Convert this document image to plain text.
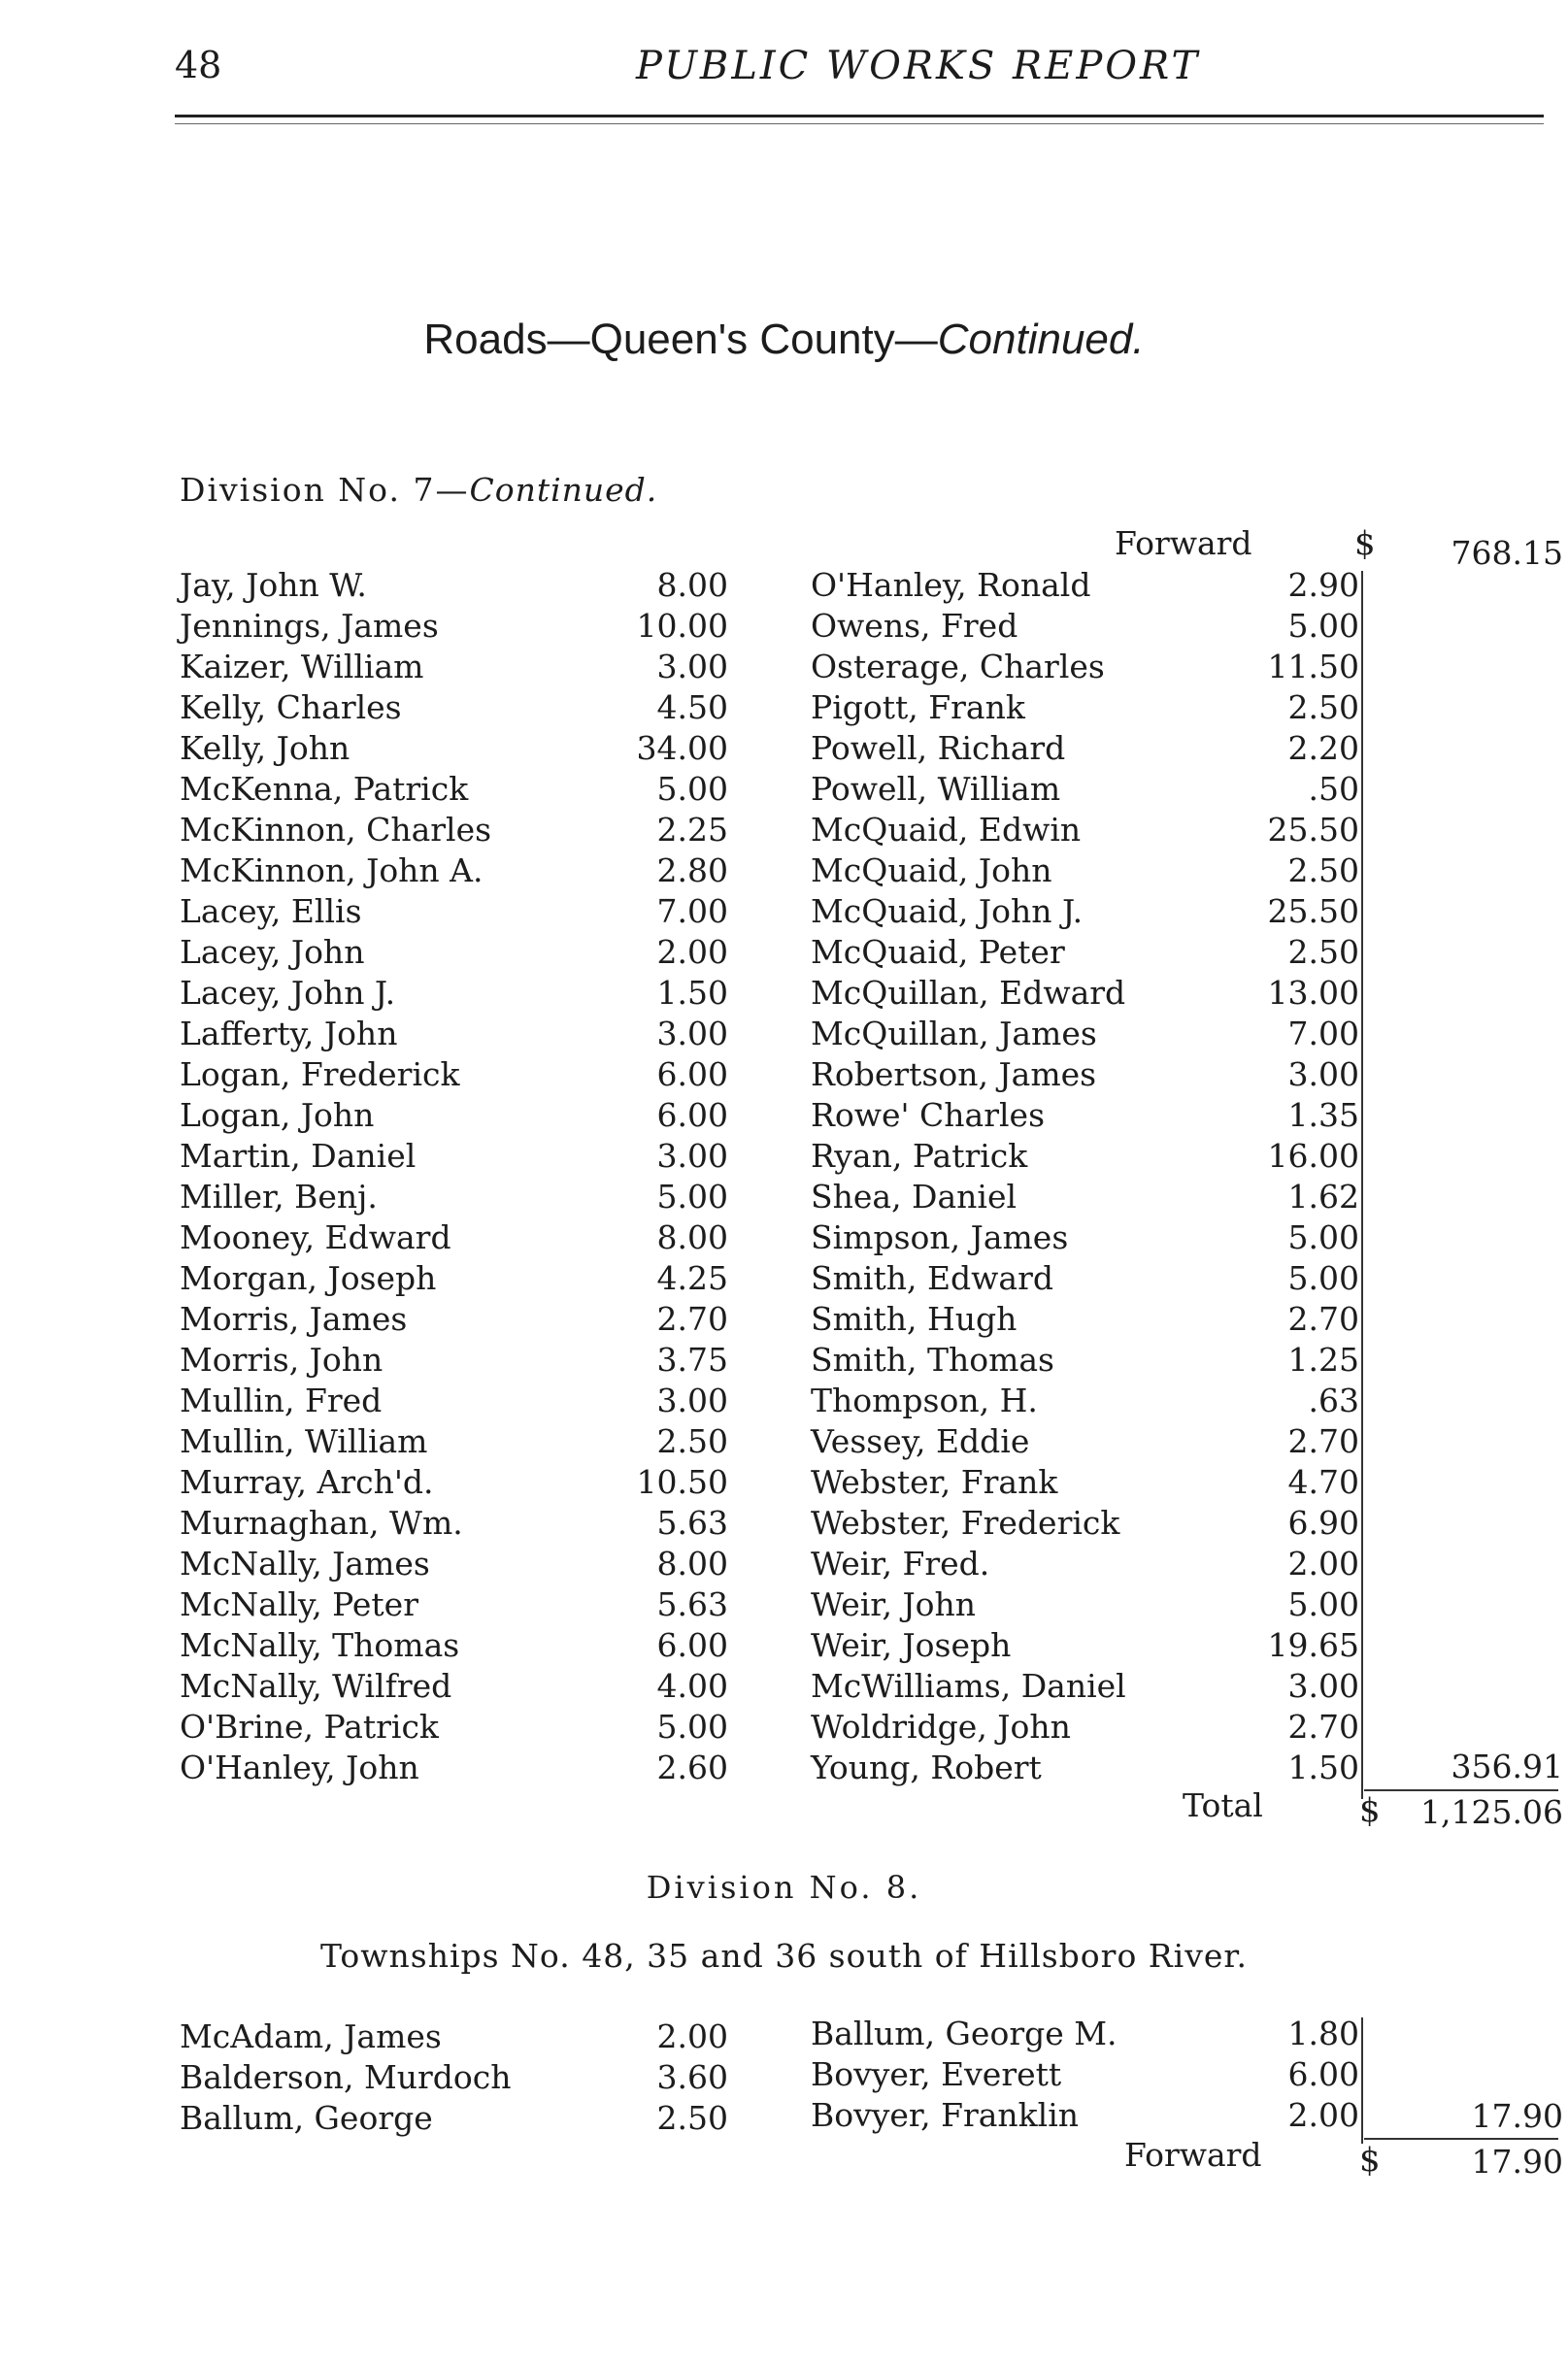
48	PUBLIC WORKS REPORT
Roads—Queen's County—Continued.
Division No. 7—Continued.
Forward	$	768.15
Jay, John W.	8.00
Jennings, James	10.00
Kaizer, William	3.00
Kelly, Charles	4.50
Kelly, John	34.00
McKenna, Patrick	5.00
McKinnon, Charles	2.25
McKinnon, John A.	2.80
Lacey, Ellis	7.00
Lacey, John	2.00
Lacey, John J.	1.50
Lafferty, John	3.00
Logan, Frederick	6.00
Logan, John	6.00
Martin, Daniel	3.00
Miller, Benj.	5.00
Mooney, Edward	8.00
Morgan, Joseph	4.25
Morris, James	2.70
Morris, John	3.75
Mullin, Fred	3.00
Mullin, William	2.50
Murray, Arch'd.	10.50
Murnaghan, Wm.	5.63
McNally, James	8.00
McNally, Peter	5.63
McNally, Thomas	6.00
McNally, Wilfred	4.00
O'Brine, Patrick	5.00
O'Hanley, John	2.60
O'Hanley, Ronald	2.90
Owens, Fred	5.00
Osterage, Charles	11.50
Pigott, Frank	2.50
Powell, Richard	2.20
Powell, William	.50
McQuaid, Edwin	25.50
McQuaid, John	2.50
McQuaid, John J.	25.50
McQuaid, Peter	2.50
McQuillan, Edward	13.00
McQuillan, James	7.00
Robertson, James	3.00
Rowe' Charles	1.35
Ryan, Patrick	16.00
Shea, Daniel	1.62
Simpson, James	5.00
Smith, Edward	5.00
Smith, Hugh	2.70
Smith, Thomas	1.25
Thompson, H.	.63
Vessey, Eddie	2.70
Webster, Frank	4.70
Webster, Frederick	6.90
Weir, Fred.	2.00
Weir, John	5.00
Weir, Joseph	19.65
McWilliams, Daniel	3.00
Woldridge, John	2.70
Young, Robert	1.50	356.91
Total	$	1,125.06
Division No. 8.
Townships No. 48, 35 and 36 south of Hillsboro River.
McAdam, James	2.00
Balderson, Murdoch	3.60
Ballum, George	2.50
Ballum, George M.	1.80
Bovyer, Everett	6.00
Bovyer, Franklin	2.00	17.90
Forward	$	17.90
